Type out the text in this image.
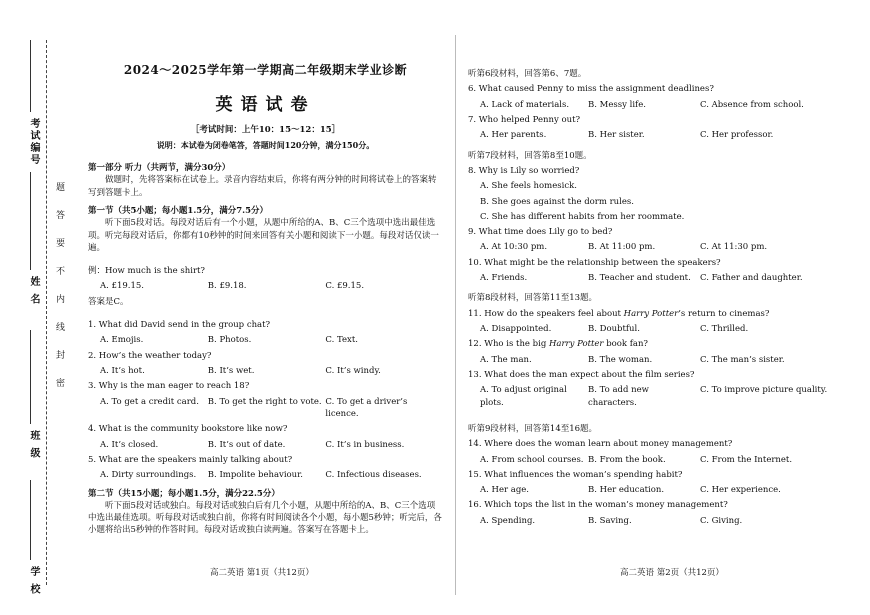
考试编号
姓 名
班 级
学 校
题答要不内线封密
2024～2025学年第一学期高二年级期末学业诊断
英语试卷
［考试时间：上午10：15～12：15］
说明：本试卷为闭卷笔答，答题时间120分钟，满分150分。
第一部分 听力（共两节，满分30分）

做题时，先将答案标在试卷上。录音内容结束后，你将有两分钟的时间将试卷上的答案转写到答题卡上。

第一节（共5小题；每小题1.5分，满分7.5分）

听下面5段对话。每段对话后有一个小题，从题中所给的A、B、C三个选项中选出最佳选项。听完每段对话后，你都有10秒钟的时间来回答有关小题和阅读下一小题。每段对话仅读一遍。

例：How much is the shirt?
A. £19.15.	B. £9.18.	C. £9.15.
答案是C。
1. What did David send in the group chat?
A. Emojis.	B. Photos.	C. Text.
2. How’s the weather today?
A. It’s hot.	B. It’s wet.	C. It’s windy.
3. Why is the man eager to reach 18?
A. To get a credit card.	B. To get the right to vote. C. To get a driver’s licence.
4. What is the community bookstore like now?
A. It’s closed.	B. It’s out of date.	C. It’s in business.
5. What are the speakers mainly talking about?
A. Dirty surroundings.	B. Impolite behaviour.	C. Infectious diseases.
第二节（共15小题；每小题1.5分，满分22.5分）

听下面5段对话或独白。每段对话或独白后有几个小题，从题中所给的A、B、C三个选项中选出最佳选项。听每段对话或独白前，你将有时间阅读各个小题，每小题5秒钟；听完后，各小题将给出5秒钟的作答时间。每段对话或独白读两遍。答案写在答题卡上。

听第6段材料，回答第6、7题。
6. What caused Penny to miss the assignment deadlines?
A. Lack of materials.	B. Messy life.	C. Absence from school.
7. Who helped Penny out?
A. Her parents.	B. Her sister.	C. Her professor.
听第7段材料，回答第8至10题。
8. Why is Lily so worried?
A. She feels homesick.
B. She goes against the dorm rules.
C. She has different habits from her roommate.
9. What time does Lily go to bed?
A. At 10:30 pm.	B. At 11:00 pm.	C. At 11:30 pm.
10. What might be the relationship between the speakers?
A. Friends.	B. Teacher and student.	C. Father and daughter.
听第8段材料，回答第11至13题。
11. How do the speakers feel about Harry Potter’s return to cinemas?
A. Disappointed.	B. Doubtful.	C. Thrilled.
12. Who is the big Harry Potter book fan?
A. The man.	B. The woman.	C. The man’s sister.
13. What does the man expect about the film series?
A. To adjust original plots.
B. To add new characters.
C. To improve picture quality.
听第9段材料，回答第14至16题。
14. Where does the woman learn about money management?
A. From school courses. B. From the book.	C. From the Internet.
15. What influences the woman’s spending habit?
A. Her age.	B. Her education.	C. Her experience.
16. Which tops the list in the woman’s money management?
A. Spending.	B. Saving.	C. Giving.
高二英语 第1页（共12页）	高二英语 第2页（共12页）
